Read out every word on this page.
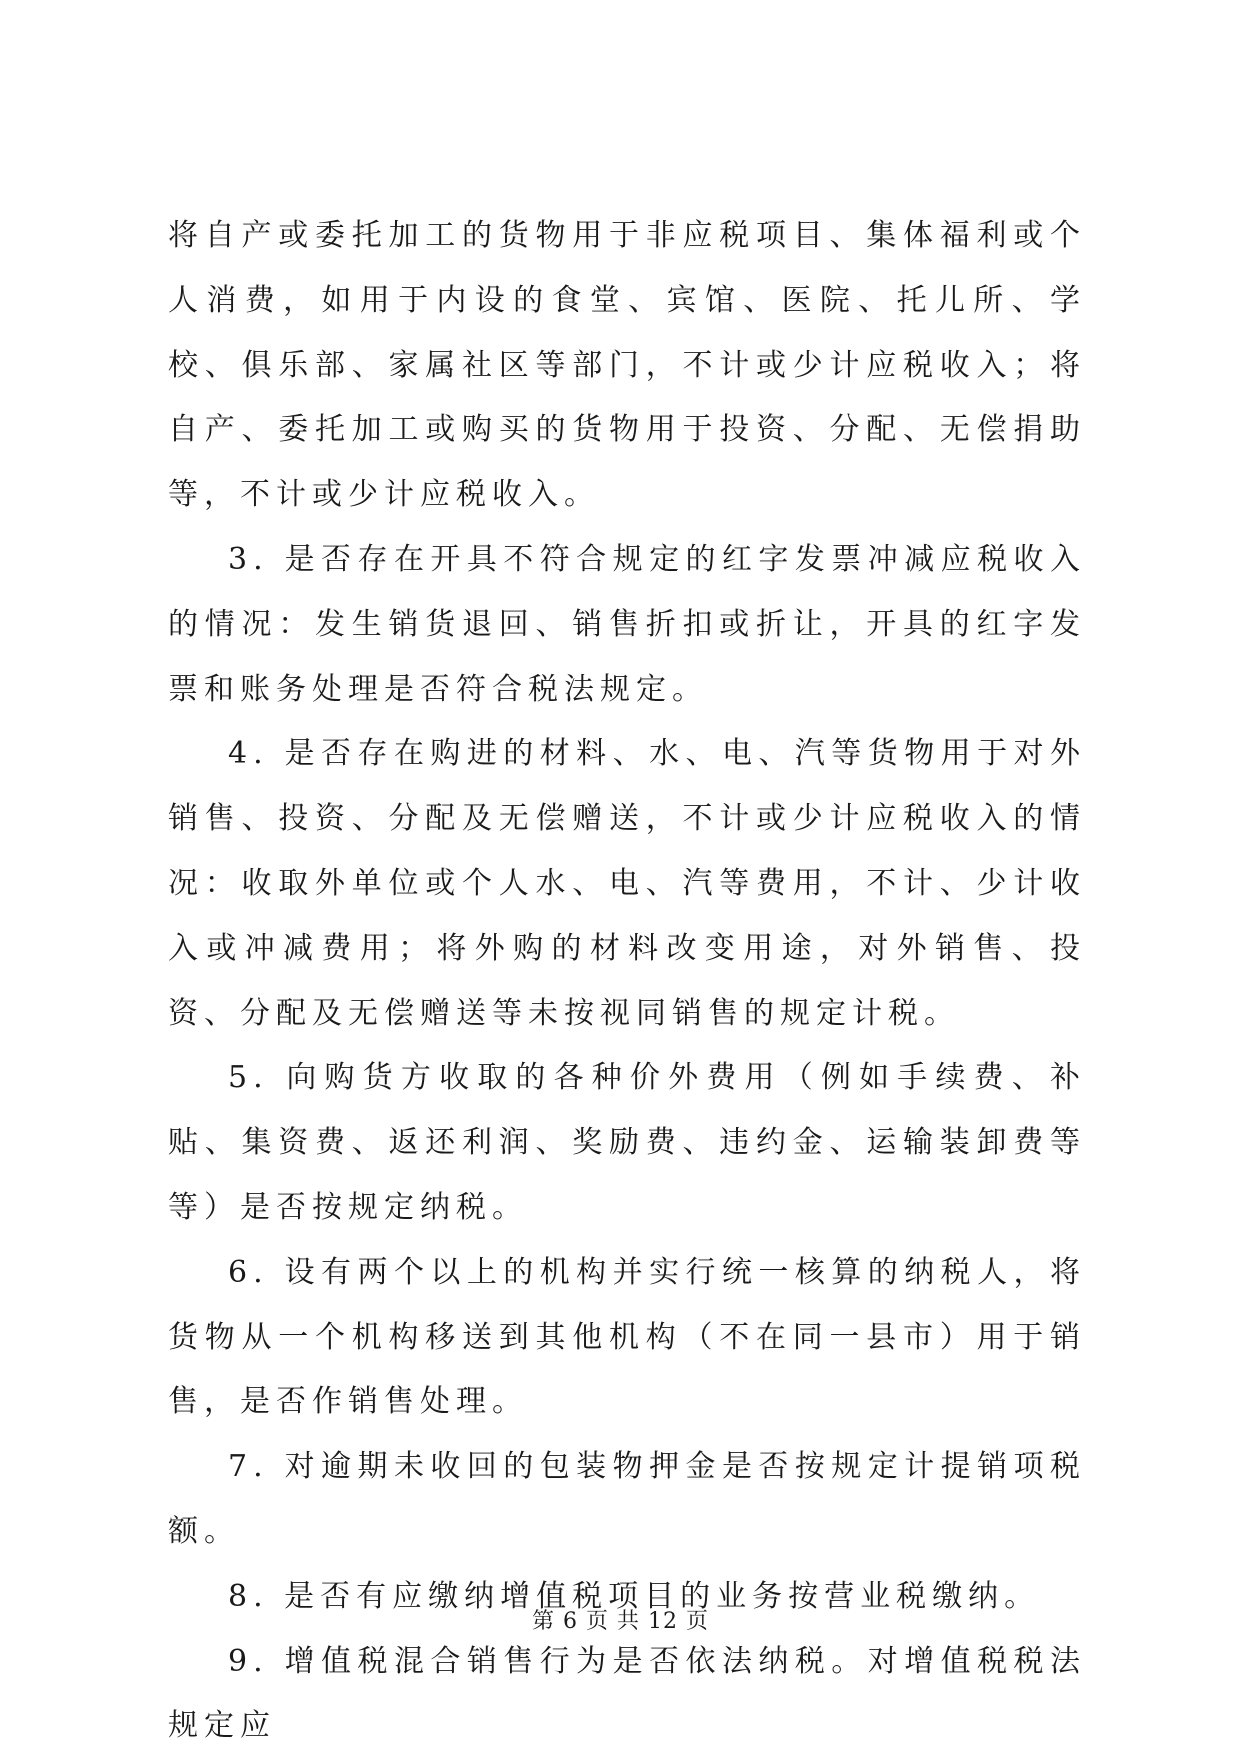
将自产或委托加工的货物用于非应税项目、集体福利或个人消费，如用于内设的食堂、宾馆、医院、托儿所、学校、俱乐部、家属社区等部门，不计或少计应税收入；将自产、委托加工或购买的货物用于投资、分配、无偿捐助等，不计或少计应税收入。

3. 是否存在开具不符合规定的红字发票冲减应税收入的情况：发生销货退回、销售折扣或折让，开具的红字发票和账务处理是否符合税法规定。

4. 是否存在购进的材料、水、电、汽等货物用于对外销售、投资、分配及无偿赠送，不计或少计应税收入的情况：收取外单位或个人水、电、汽等费用，不计、少计收入或冲减费用；将外购的材料改变用途，对外销售、投资、分配及无偿赠送等未按视同销售的规定计税。

5. 向购货方收取的各种价外费用（例如手续费、补贴、集资费、返还利润、奖励费、违约金、运输装卸费等等）是否按规定纳税。

6. 设有两个以上的机构并实行统一核算的纳税人，将货物从一个机构移送到其他机构（不在同一县市）用于销售，是否作销售处理。

7. 对逾期未收回的包装物押金是否按规定计提销项税额。

8. 是否有应缴纳增值税项目的业务按营业税缴纳。

9. 增值税混合销售行为是否依法纳税。对增值税税法规定应

第 6 页 共 12 页
